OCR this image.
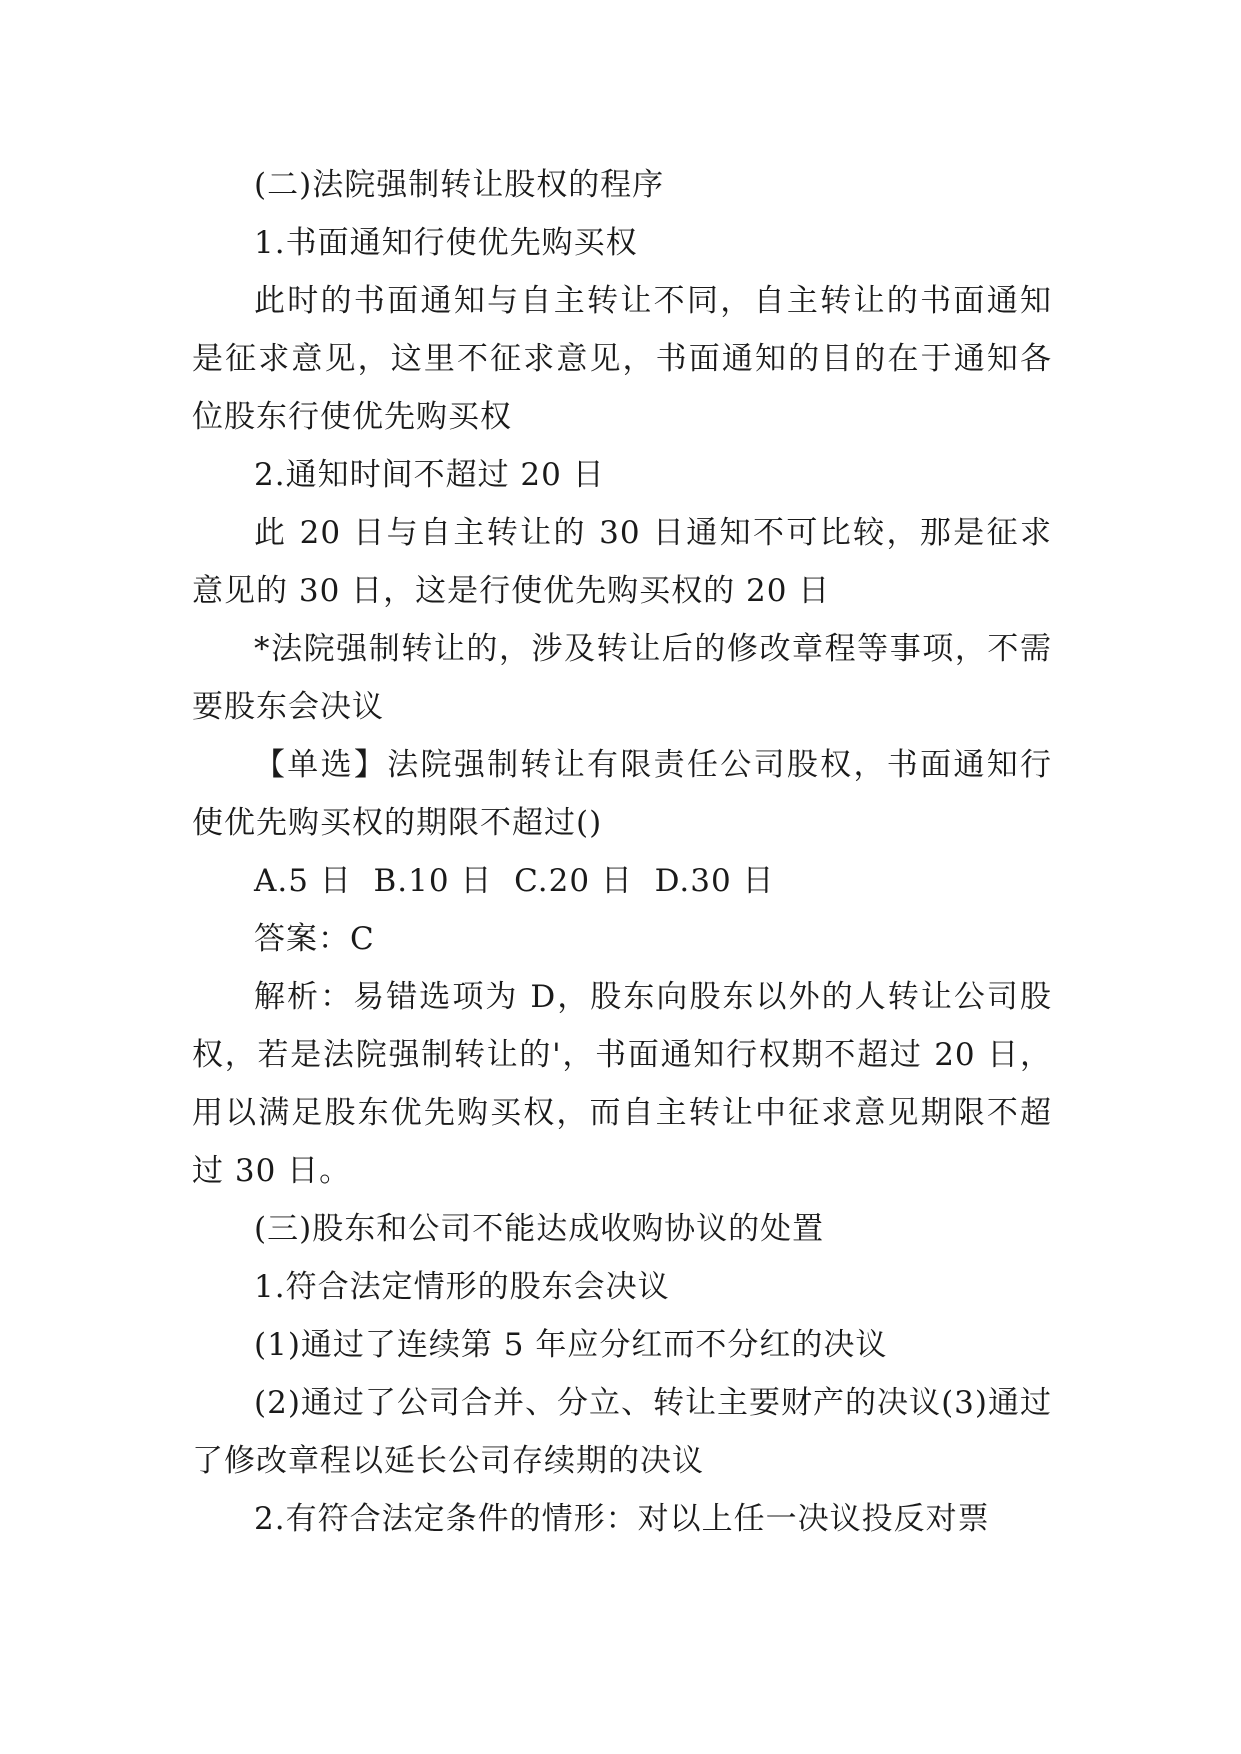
(二)法院强制转让股权的程序

1.书面通知行使优先购买权

此时的书面通知与自主转让不同，自主转让的书面通知是征求意见，这里不征求意见，书面通知的目的在于通知各位股东行使优先购买权

2.通知时间不超过 20 日

此 20 日与自主转让的 30 日通知不可比较，那是征求意见的 30 日，这是行使优先购买权的 20 日

*法院强制转让的，涉及转让后的修改章程等事项，不需要股东会决议

【单选】法院强制转让有限责任公司股权，书面通知行使优先购买权的期限不超过()

A.5 日  B.10 日  C.20 日  D.30 日

答案：C

解析：易错选项为 D，股东向股东以外的人转让公司股权，若是法院强制转让的'，书面通知行权期不超过 20 日，用以满足股东优先购买权，而自主转让中征求意见期限不超过 30 日。

(三)股东和公司不能达成收购协议的处置

1.符合法定情形的股东会决议

(1)通过了连续第 5 年应分红而不分红的决议

(2)通过了公司合并、分立、转让主要财产的决议(3)通过了修改章程以延长公司存续期的决议

2.有符合法定条件的情形：对以上任一决议投反对票
